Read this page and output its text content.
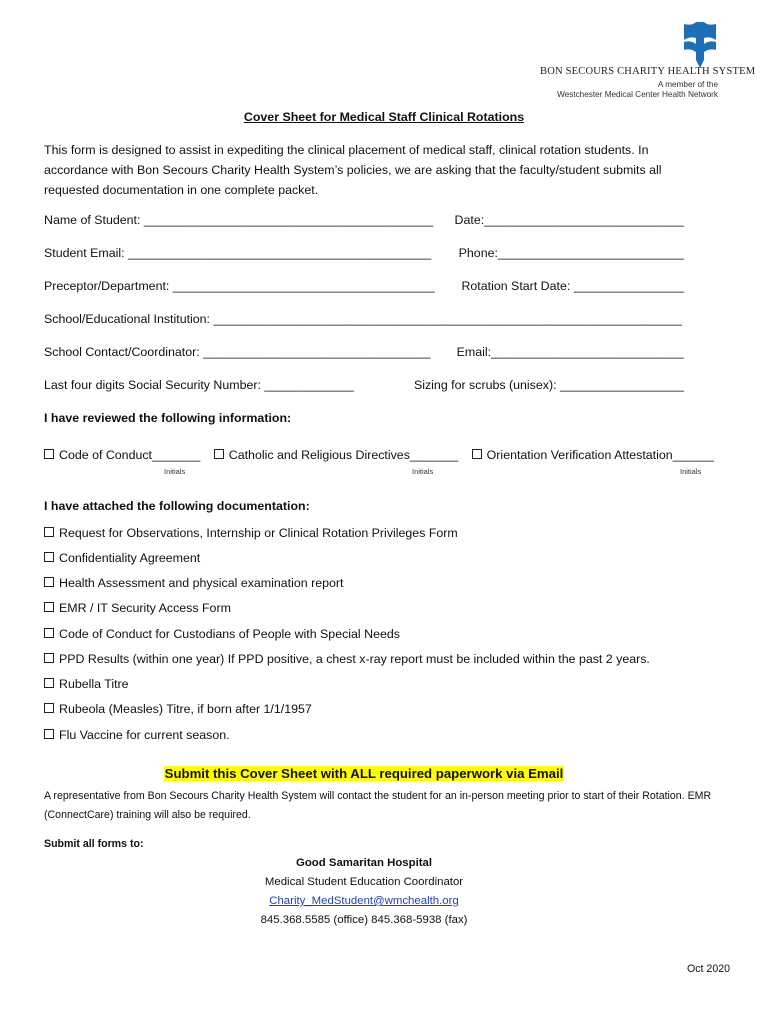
BON SECOURS CHARITY HEALTH SYSTEM
A member of the
Westchester Medical Center Health Network
Cover Sheet for Medical Staff Clinical Rotations
This form is designed to assist in expediting the clinical placement of medical staff, clinical rotation students. In accordance with Bon Secours Charity Health System’s policies, we are asking that the faculty/student submits all requested documentation in one complete packet.
Name of Student: __________________________________________ Date:_____________________________
Student Email: ____________________________________________ Phone:___________________________
Preceptor/Department: ______________________________________ Rotation Start Date: ________________
School/Educational Institution: ____________________________________________________________________
School Contact/Coordinator: _________________________________ Email:____________________________
Last four digits Social Security Number: _____________	Sizing for scrubs (unisex): __________________
I have reviewed the following information:
Code of Conduct_______	Catholic and Religious Directives_______	Orientation Verification Attestation______
Initials	Initials	Initials
I have attached the following documentation:
Request for Observations, Internship or Clinical Rotation Privileges Form
Confidentiality Agreement
Health Assessment and physical examination report
EMR / IT Security Access Form
Code of Conduct for Custodians of People with Special Needs
PPD Results (within one year) If PPD positive, a chest x-ray report must be included within the past 2 years.
Rubella Titre
Rubeola (Measles) Titre, if born after 1/1/1957
Flu Vaccine for current season.
Submit this Cover Sheet with ALL required paperwork via Email
A representative from Bon Secours Charity Health System will contact the student for an in-person meeting prior to start of their Rotation. EMR (ConnectCare) training will also be required.
Submit all forms to:
Good Samaritan Hospital
Medical Student Education Coordinator
Charity_MedStudent@wmchealth.org
845.368.5585 (office) 845.368-5938 (fax)
Oct 2020
